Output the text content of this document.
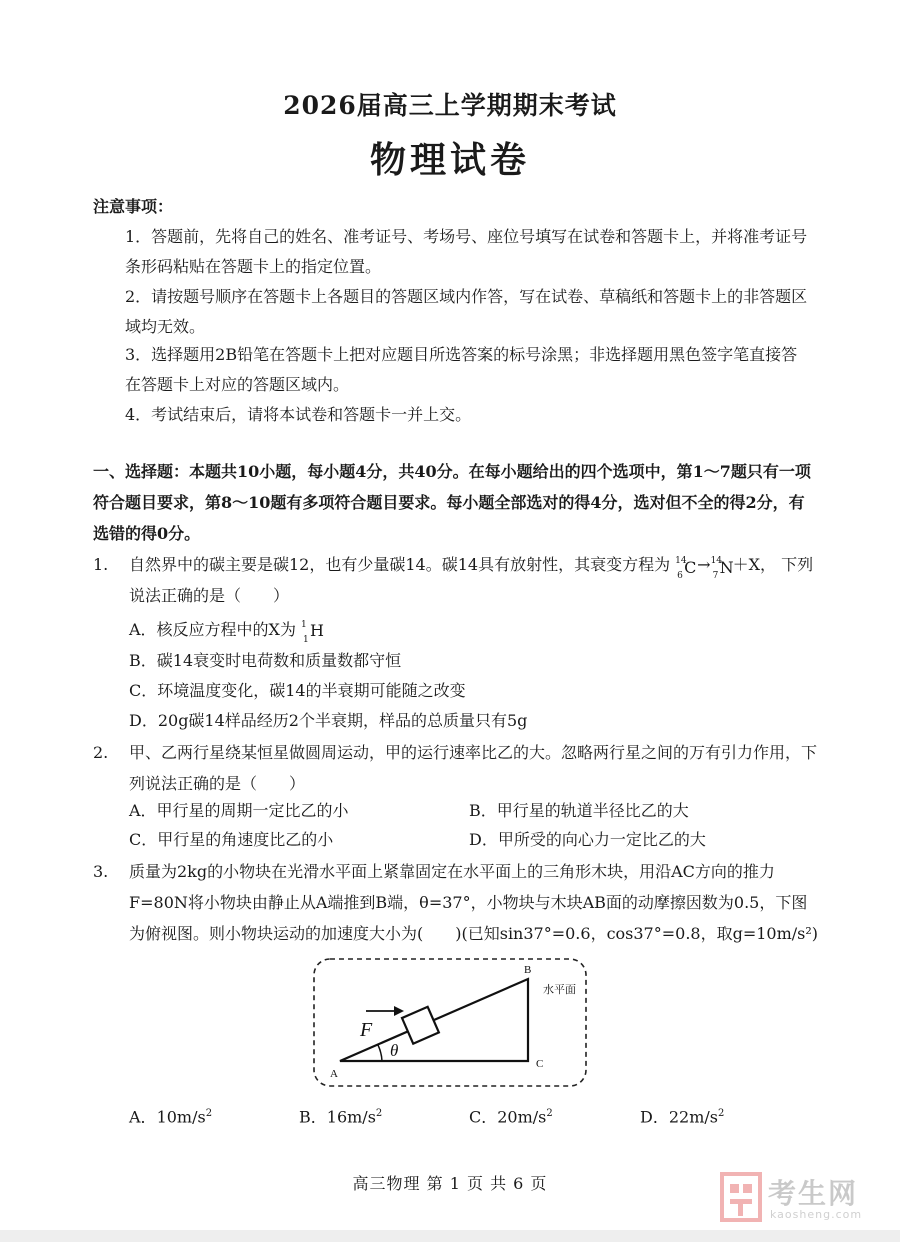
2026届高三上学期期末考试
物理试卷
注意事项：
1．答题前，先将自己的姓名、准考证号、考场号、座位号填写在试卷和答题卡上，并将准考证号条形码粘贴在答题卡上的指定位置。
2．请按题号顺序在答题卡上各题目的答题区域内作答，写在试卷、草稿纸和答题卡上的非答题区域均无效。
3．选择题用2B铅笔在答题卡上把对应题目所选答案的标号涂黑；非选择题用黑色签字笔直接答在答题卡上对应的答题区域内。
4．考试结束后，请将本试卷和答题卡一并上交。
一、选择题：本题共10小题，每小题4分，共40分。在每小题给出的四个选项中，第1～7题只有一项符合题目要求，第8～10题有多项符合题目要求。每小题全部选对的得4分，选对但不全的得2分，有选错的得0分。
1. 自然界中的碳主要是碳12，也有少量碳14。碳14具有放射性，其衰变方程为 14
6 C → 14
7 N ＋X， 下列说法正确的是（　　）
A．核反应方程中的X为 1
1 H
B．碳14衰变时电荷数和质量数都守恒
C．环境温度变化，碳14的半衰期可能随之改变
D．20g碳14样品经历2个半衰期，样品的总质量只有5g
2. 甲、乙两行星绕某恒星做圆周运动，甲的运行速率比乙的大。忽略两行星之间的万有引力作用，下列说法正确的是（　　）
A．甲行星的周期一定比乙的小	B．甲行星的轨道半径比乙的大
C．甲行星的角速度比乙的小	D．甲所受的向心力一定比乙的大
3. 质量为2kg的小物块在光滑水平面上紧靠固定在水平面上的三角形木块，用沿AC方向的推力F=80N将小物块由静止从A端推到B端，θ=37°，小物块与木块AB面的动摩擦因数为0.5，下图为俯视图。则小物块运动的加速度大小为(　　)(已知sin37°=0.6，cos37°=0.8，取g=10m/s²)
F
θ
A
B
C
水平面
A．$10m/s^2$	B．$16m/s^2$	C．$20m/s^2$	D．$22m/s^2$
高三物理 第 1 页 共 6 页	考生网
kaosheng.com
